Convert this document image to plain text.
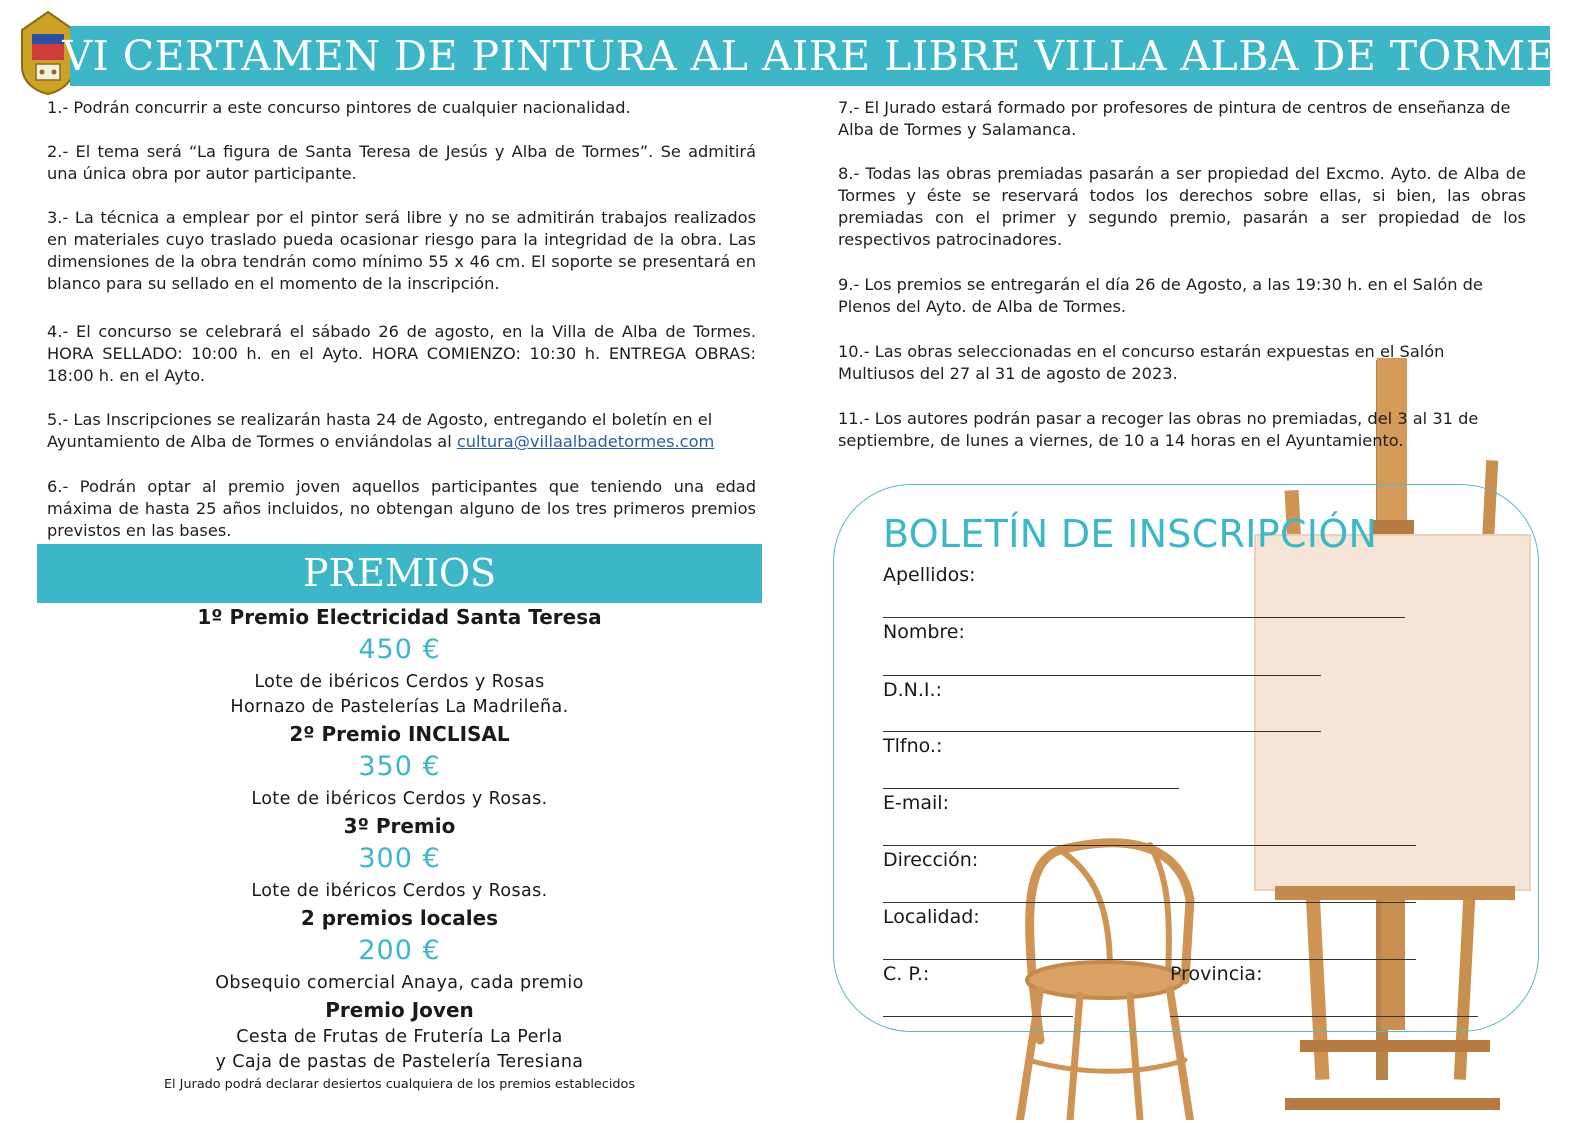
VI CERTAMEN DE PINTURA AL AIRE LIBRE VILLA ALBA DE TORMES

1.- Podrán concurrir a este concurso pintores de cualquier nacionalidad.

2.- El tema será “La figura de Santa Teresa de Jesús y Alba de Tormes”. Se admitirá una única obra por autor participante.

3.- La técnica a emplear por el pintor será libre y no se admitirán trabajos realizados en materiales cuyo traslado pueda ocasionar riesgo para la integridad de la obra. Las dimensiones de la obra tendrán como mínimo 55 x 46 cm. El soporte se presentará en blanco para su sellado en el momento de la inscripción.

4.- El concurso se celebrará el sábado 26 de agosto, en la Villa de Alba de Tormes. HORA SELLADO: 10:00 h. en el Ayto. HORA COMIENZO: 10:30 h. ENTREGA OBRAS: 18:00 h. en el Ayto.

5.- Las Inscripciones se realizarán hasta 24 de Agosto, entregando el boletín en el Ayuntamiento de Alba de Tormes o enviándolas al cultura@villaalbadetormes.com

6.- Podrán optar al premio joven aquellos participantes que teniendo una edad máxima de hasta 25 años incluidos, no obtengan alguno de los tres primeros premios previstos en las bases.

7.- El Jurado estará formado por profesores de pintura de centros de enseñanza de Alba de Tormes y Salamanca.

8.- Todas las obras premiadas pasarán a ser propiedad del Excmo. Ayto. de Alba de Tormes y éste se reservará todos los derechos sobre ellas, si bien, las obras premiadas con el primer y segundo premio, pasarán a ser propiedad de los respectivos patrocinadores.

9.- Los premios se entregarán el día 26 de Agosto, a las 19:30 h. en el Salón de Plenos del Ayto. de Alba de Tormes.

10.- Las obras seleccionadas en el concurso estarán expuestas en el Salón Multiusos del 27 al 31 de agosto de 2023.

11.- Los autores podrán pasar a recoger las obras no premiadas, del 3 al 31 de septiembre, de lunes a viernes, de 10 a 14 horas en el Ayuntamiento.

PREMIOS

1º Premio Electricidad Santa Teresa

450 €

Lote de ibéricos Cerdos y Rosas

Hornazo de Pastelerías La Madrileña.

2º Premio INCLISAL

350 €

Lote de ibéricos Cerdos y Rosas.

3º Premio

300 €

Lote de ibéricos Cerdos y Rosas.

2 premios locales

200 €

Obsequio comercial Anaya, cada premio

Premio Joven

Cesta de Frutas de Frutería La Perla

y Caja de pastas de Pastelería Teresiana

El Jurado podrá declarar desiertos cualquiera de los premios establecidos

BOLETÍN DE INSCRIPCIÓN
Apellidos:
Nombre:
D.N.I.:
Tlfno.:
E-mail:
Dirección:
Localidad:
C. P.:	Provincia:
